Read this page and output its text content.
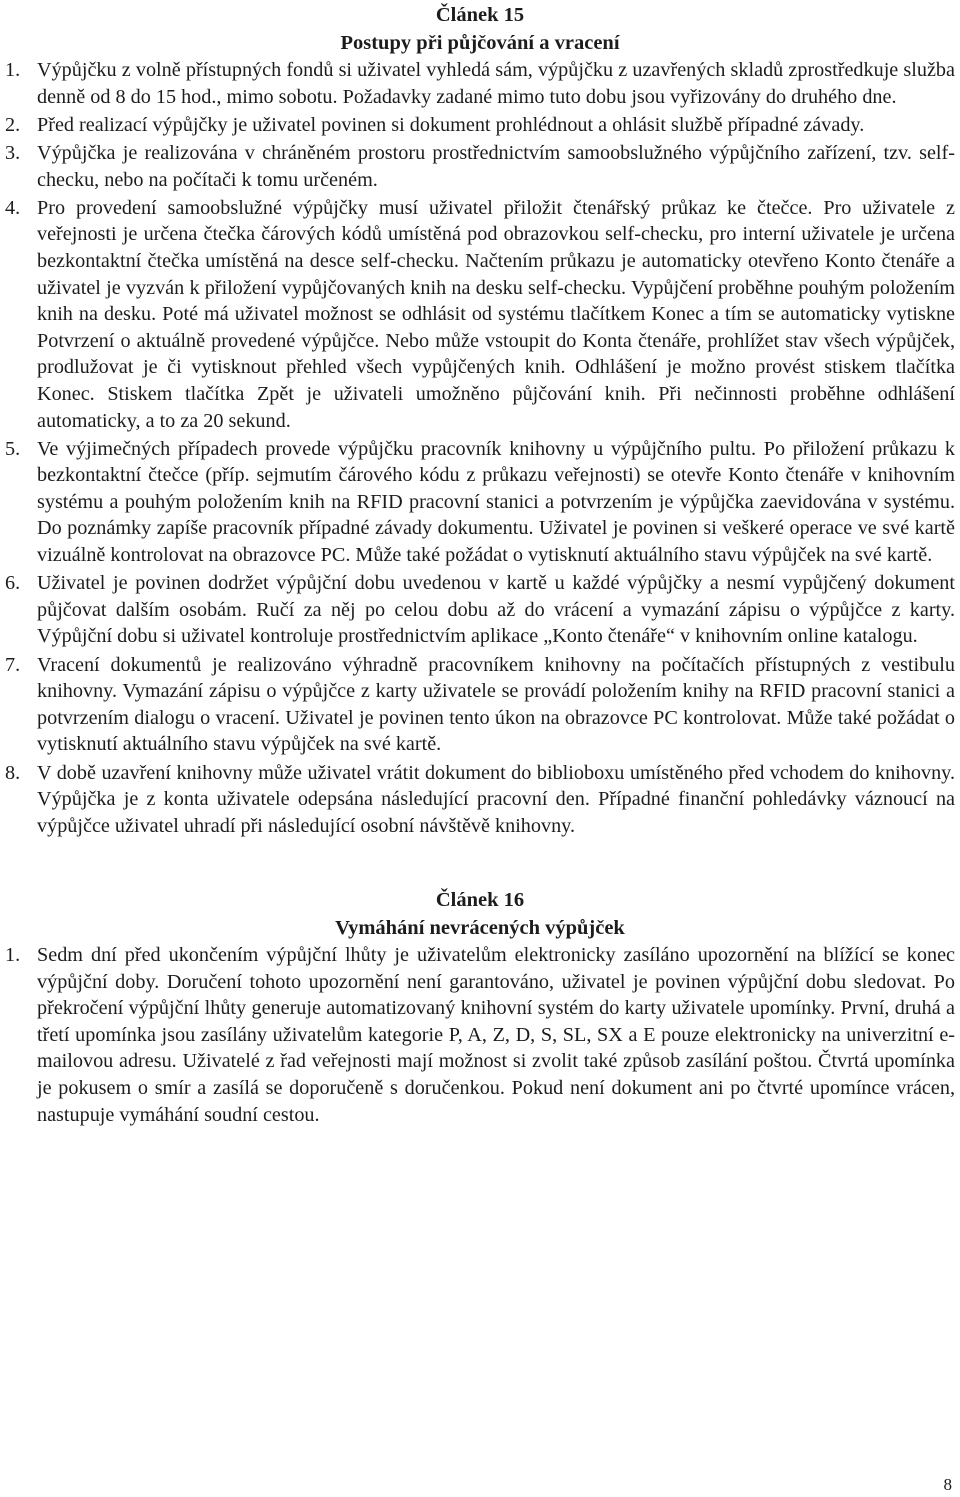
Článek 15
Postupy při půjčování a vracení
1. Výpůjčku z volně přístupných fondů si uživatel vyhledá sám, výpůjčku z uzavřených skladů zprostředkuje služba denně od 8 do 15 hod., mimo sobotu. Požadavky zadané mimo tuto dobu jsou vyřizovány do druhého dne.
2. Před realizací výpůjčky je uživatel povinen si dokument prohlédnout a ohlásit službě případné závady.
3. Výpůjčka je realizována v chráněném prostoru prostřednictvím samoobslužného výpůjčního zařízení, tzv. self-checku, nebo na počítači k tomu určeném.
4. Pro provedení samoobslužné výpůjčky musí uživatel přiložit čtenářský průkaz ke čtečce. Pro uživatele z veřejnosti je určena čtečka čárových kódů umístěná pod obrazovkou self-checku, pro interní uživatele je určena bezkontaktní čtečka umístěná na desce self-checku. Načtením průkazu je automaticky otevřeno Konto čtenáře a uživatel je vyzván k přiložení vypůjčovaných knih na desku self-checku. Vypůjčení proběhne pouhým položením knih na desku. Poté má uživatel možnost se odhlásit od systému tlačítkem Konec a tím se automaticky vytiskne Potvrzení o aktuálně provedené výpůjčce. Nebo může vstoupit do Konta čtenáře, prohlížet stav všech výpůjček, prodlužovat je či vytisknout přehled všech vypůjčených knih. Odhlášení je možno provést stiskem tlačítka Konec. Stiskem tlačítka Zpět je uživateli umožněno půjčování knih. Při nečinnosti proběhne odhlášení automaticky, a to za 20 sekund.
5. Ve výjimečných případech provede výpůjčku pracovník knihovny u výpůjčního pultu. Po přiložení průkazu k bezkontaktní čtečce (příp. sejmutím čárového kódu z průkazu veřejnosti) se otevře Konto čtenáře v knihovním systému a pouhým položením knih na RFID pracovní stanici a potvrzením je výpůjčka zaevidována v systému. Do poznámky zapíše pracovník případné závady dokumentu. Uživatel je povinen si veškeré operace ve své kartě vizuálně kontrolovat na obrazovce PC. Může také požádat o vytisknutí aktuálního stavu výpůjček na své kartě.
6. Uživatel je povinen dodržet výpůjční dobu uvedenou v kartě u každé výpůjčky a nesmí vypůjčený dokument půjčovat dalším osobám. Ručí za něj po celou dobu až do vrácení a vymazání zápisu o výpůjčce z karty. Výpůjční dobu si uživatel kontroluje prostřednictvím aplikace „Konto čtenáře“ v knihovním online katalogu.
7. Vracení dokumentů je realizováno výhradně pracovníkem knihovny na počítačích přístupných z vestibulu knihovny. Vymazání zápisu o výpůjčce z karty uživatele se provádí položením knihy na RFID pracovní stanici a potvrzením dialogu o vracení. Uživatel je povinen tento úkon na obrazovce PC kontrolovat. Může také požádat o vytisknutí aktuálního stavu výpůjček na své kartě.
8. V době uzavření knihovny může uživatel vrátit dokument do biblioboxu umístěného před vchodem do knihovny. Výpůjčka je z konta uživatele odepsána následující pracovní den. Případné finanční pohledávky váznoucí na výpůjčce uživatel uhradí při následující osobní návštěvě knihovny.
Článek 16
Vymáhání nevrácených výpůjček
1. Sedm dní před ukončením výpůjční lhůty je uživatelům elektronicky zasíláno upozornění na blížící se konec výpůjční doby. Doručení tohoto upozornění není garantováno, uživatel je povinen výpůjční dobu sledovat. Po překročení výpůjční lhůty generuje automatizovaný knihovní systém do karty uživatele upomínky. První, druhá a třetí upomínka jsou zasílány uživatelům kategorie P, A, Z, D, S, SL, SX a E pouze elektronicky na univerzitní e-mailovou adresu. Uživatelé z řad veřejnosti mají možnost si zvolit také způsob zasílání poštou. Čtvrtá upomínka je pokusem o smír a zasílá se doporučeně s doručenkou. Pokud není dokument ani po čtvrté upomínce vrácen, nastupuje vymáhání soudní cestou.
8
